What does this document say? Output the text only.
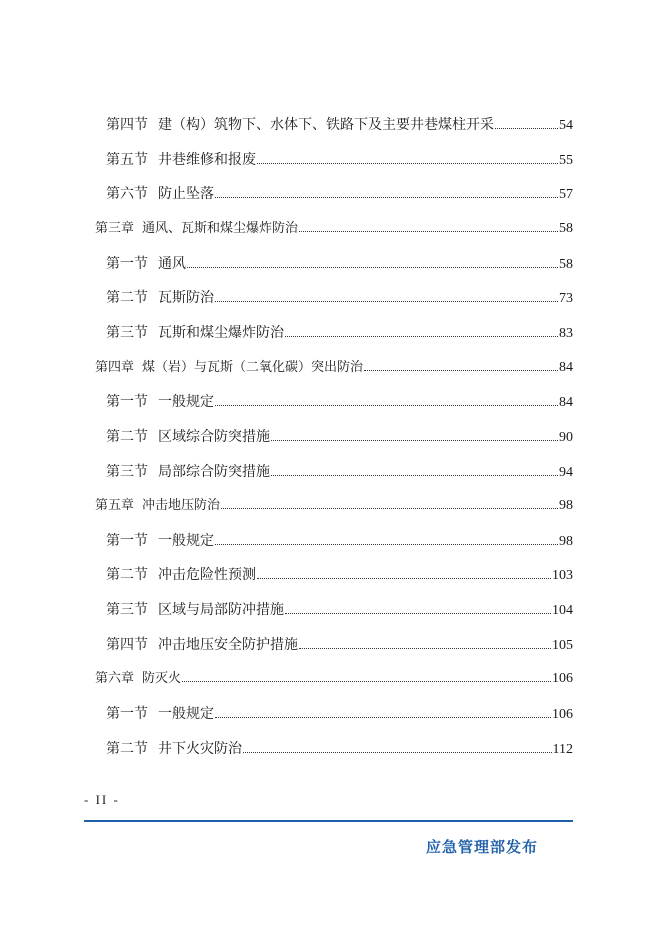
第四节 建（构）筑物下、水体下、铁路下及主要井巷煤柱开采	54
第五节 井巷维修和报废	55
第六节 防止坠落	57
第三章 通风、瓦斯和煤尘爆炸防治	58
第一节 通风	58
第二节 瓦斯防治	73
第三节 瓦斯和煤尘爆炸防治	83
第四章 煤（岩）与瓦斯（二氧化碳）突出防治	84
第一节 一般规定	84
第二节 区域综合防突措施	90
第三节 局部综合防突措施	94
第五章 冲击地压防治	98
第一节 一般规定	98
第二节 冲击危险性预测	103
第三节 区域与局部防冲措施	104
第四节 冲击地压安全防护措施	105
第六章 防灭火	106
第一节 一般规定	106
第二节 井下火灾防治	112
- II -
应急管理部发布
